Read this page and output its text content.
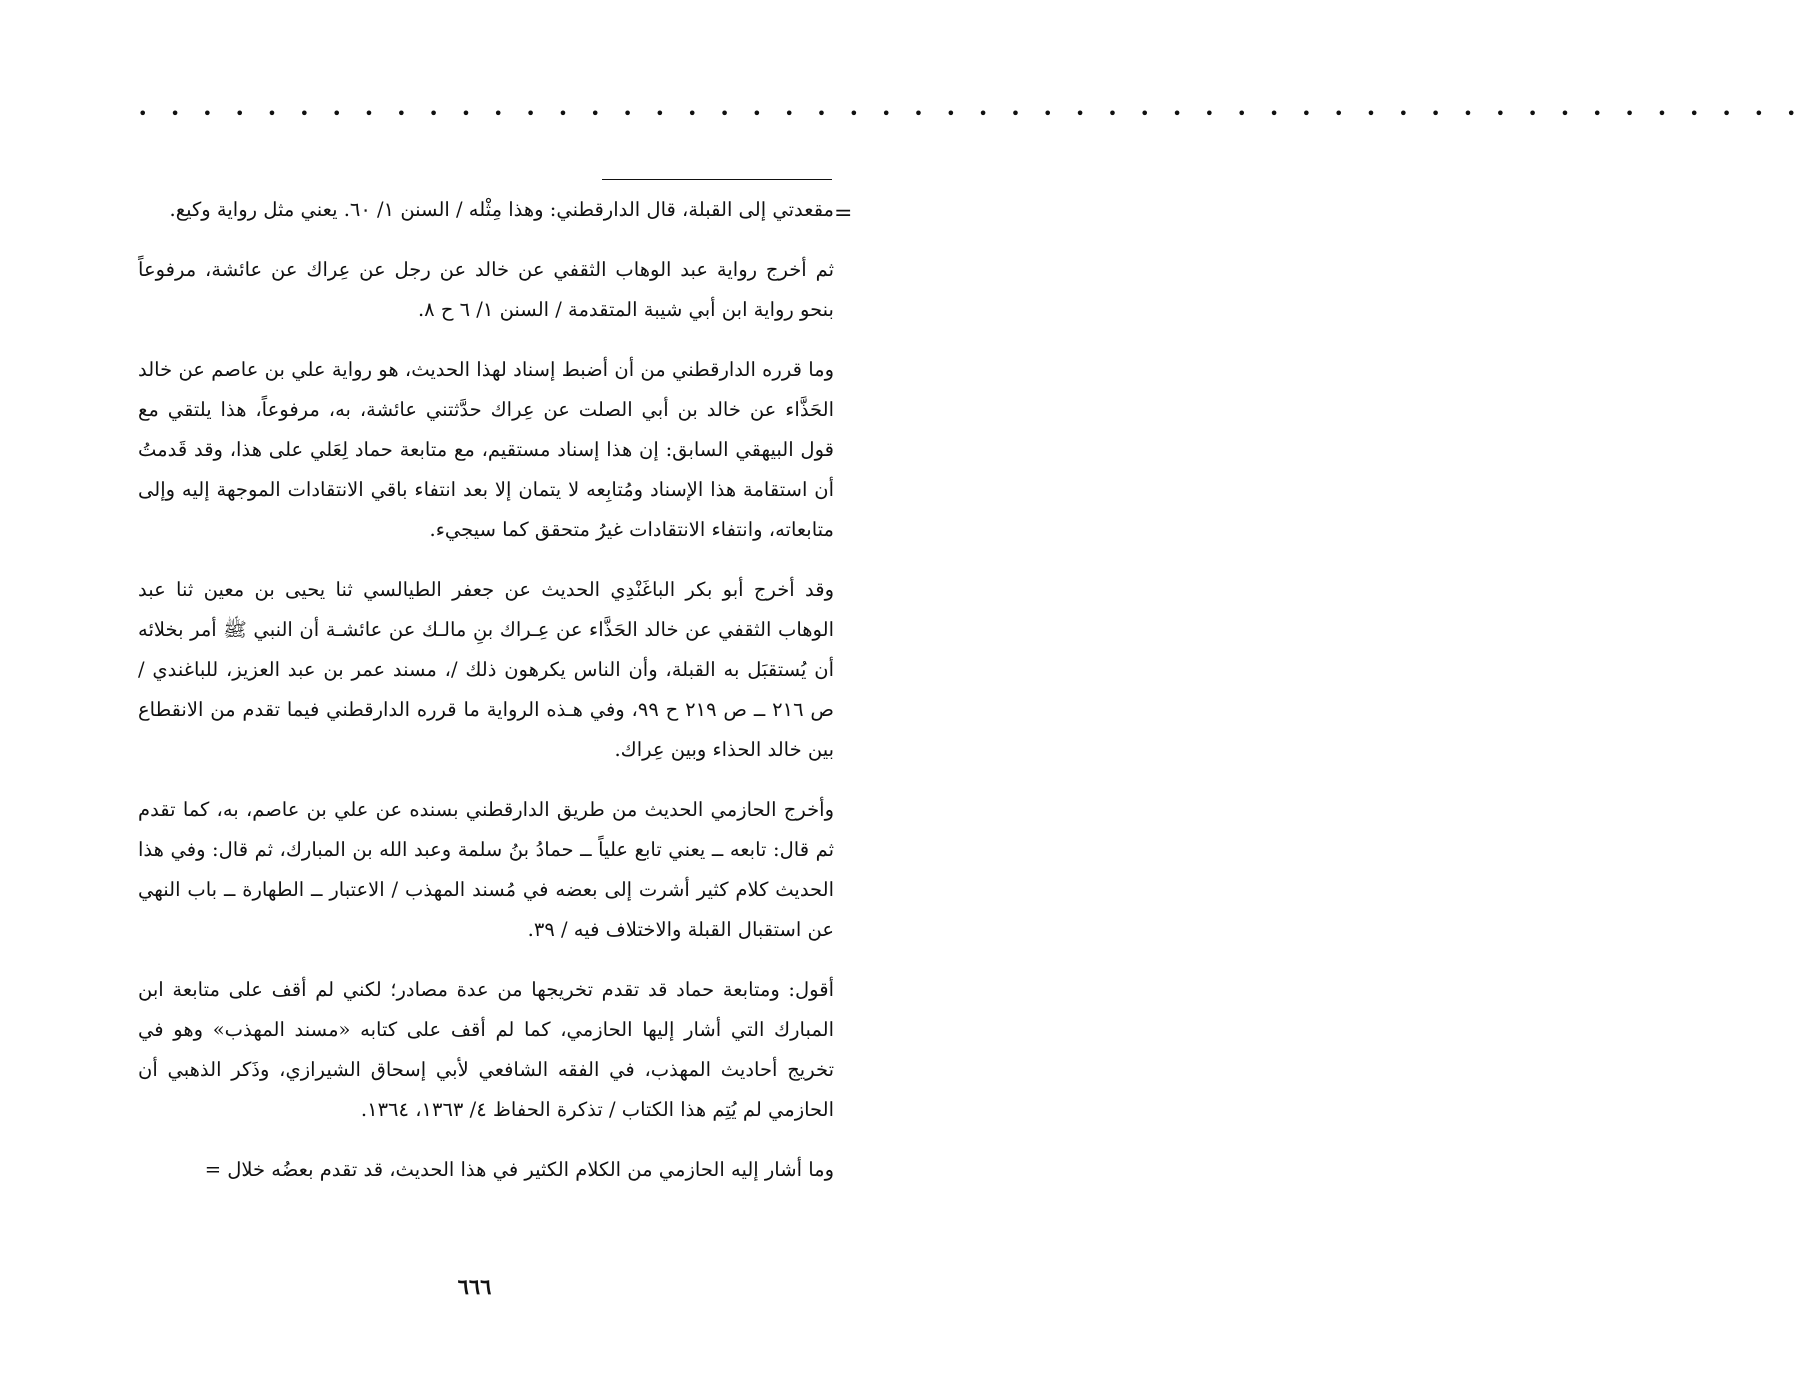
• • • • • • • • • • • • • • • • • • • • • • • • • • • • • • • • • • • • • • • • • • • • • • • • • • • •
=

مقعدتي إلى القبلة، قال الدارقطني: وهذا مِثْله / السنن ١/ ٦٠. يعني مثل رواية وكيع.

ثم أخرج رواية عبد الوهاب الثقفي عن خالد عن رجل عن عِراك عن عائشة، مرفوعاً بنحو رواية ابن أبي شيبة المتقدمة / السنن ١/ ٦ ح ٨.

وما قرره الدارقطني من أن أضبط إسناد لهذا الحديث، هو رواية علي بن عاصم عن خالد الحَذَّاء عن خالد بن أبي الصلت عن عِراك حدَّثتني عائشة، به، مرفوعاً، هذا يلتقي مع قول البيهقي السابق: إن هذا إسناد مستقيم، مع متابعة حماد لِعَلي على هذا، وقد قَدمتُ أن استقامة هذا الإسناد ومُتابِعه لا يتمان إلا بعد انتفاء باقي الانتقادات الموجهة إليه وإلى متابعاته، وانتفاء الانتقادات غيرُ متحقق كما سيجيء.

وقد أخرج أبو بكر الباغَنْدِي الحديث عن جعفر الطيالسي ثنا يحيى بن معين ثنا عبد الوهاب الثقفي عن خالد الحَذَّاء عن عِـراك بنِ مالـك عن عائشـة أن النبي ﷺ أمر بخلائه أن يُستقبَل به القبلة، وأن الناس يكرهون ذلك /، مسند عمر بن عبد العزيز، للباغندي / ص ٢١٦ ــ ص ٢١٩ ح ٩٩، وفي هـذه الرواية ما قرره الدارقطني فيما تقدم من الانقطاع بين خالد الحذاء وبين عِراك.

وأخرج الحازمي الحديث من طريق الدارقطني بسنده عن علي بن عاصم، به، كما تقدم ثم قال: تابعه ــ يعني تابع علياً ــ حمادُ بنُ سلمة وعبد الله بن المبارك، ثم قال: وفي هذا الحديث كلام كثير أشرت إلى بعضه في مُسند المهذب / الاعتبار ــ الطهارة ــ باب النهي عن استقبال القبلة والاختلاف فيه / ٣٩.

أقول: ومتابعة حماد قد تقدم تخريجها من عدة مصادر؛ لكني لم أقف على متابعة ابن المبارك التي أشار إليها الحازمي، كما لم أقف على كتابه «مسند المهذب» وهو في تخريج أحاديث المهذب، في الفقه الشافعي لأبي إسحاق الشيرازي، وذَكر الذهبي أن الحازمي لم يُتِم هذا الكتاب / تذكرة الحفاظ ٤/ ١٣٦٣، ١٣٦٤.

وما أشار إليه الحازمي من الكلام الكثير في هذا الحديث، قد تقدم بعضُه خلال =

٦٦٦
